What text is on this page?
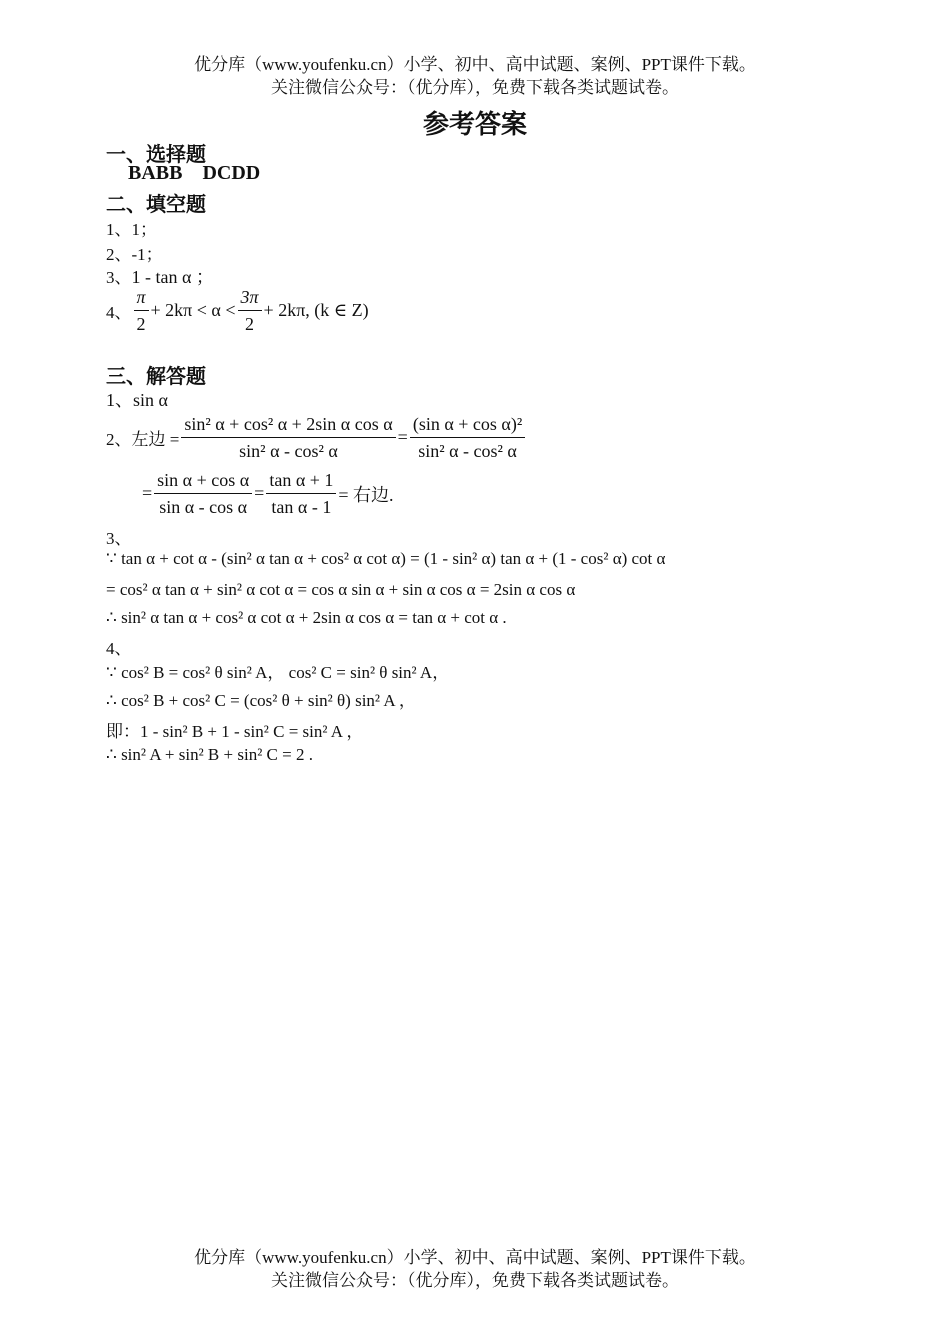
优分库（www.youfenku.cn）小学、初中、高中试题、案例、PPT课件下载。
关注微信公众号：（优分库），免费下载各类试题试卷。
参考答案
一、选择题
BABB    DCDD
二、填空题
1、1；
2、-1；
3、1 - tan α ；
4、 $\frac{\pi}{2} + 2k\pi < \alpha < \frac{3\pi}{2} + 2k\pi$, (k ∈ Z)
三、解答题
1、sin α
2、左边 = $\frac{\text{sin² α + cos² α + 2sin α cos α}}{\text{sin² α - cos² α}} = \frac{\text{(sin α + cos α)²}}{\text{sin² α - cos² α}}$
= $\frac{\text{sin α + cos α}}{\text{sin α - cos α}} = \frac{\text{tan α + 1}}{\text{tan α - 1}}$ = 右边.
3、
∵ tan α + cot α - (sin² α tan α + cos² α cot α) = (1 - sin² α) tan α + (1 - cos² α) cot α
= cos² α tan α + sin² α cot α = cos α sin α + sin α cos α = 2sin α cos α
∴ sin² α tan α + cos² α cot α + 2sin α cos α = tan α + cot α .
4、
∵ cos² B = cos² θ sin² A， cos² C = sin² θ sin² A，
∴ cos² B + cos² C = (cos² θ + sin² θ) sin² A ，
即：1 - sin² B + 1 - sin² C = sin² A ，
∴ sin² A + sin² B + sin² C = 2 .
优分库（www.youfenku.cn）小学、初中、高中试题、案例、PPT课件下载。
关注微信公众号：（优分库），免费下载各类试题试卷。
